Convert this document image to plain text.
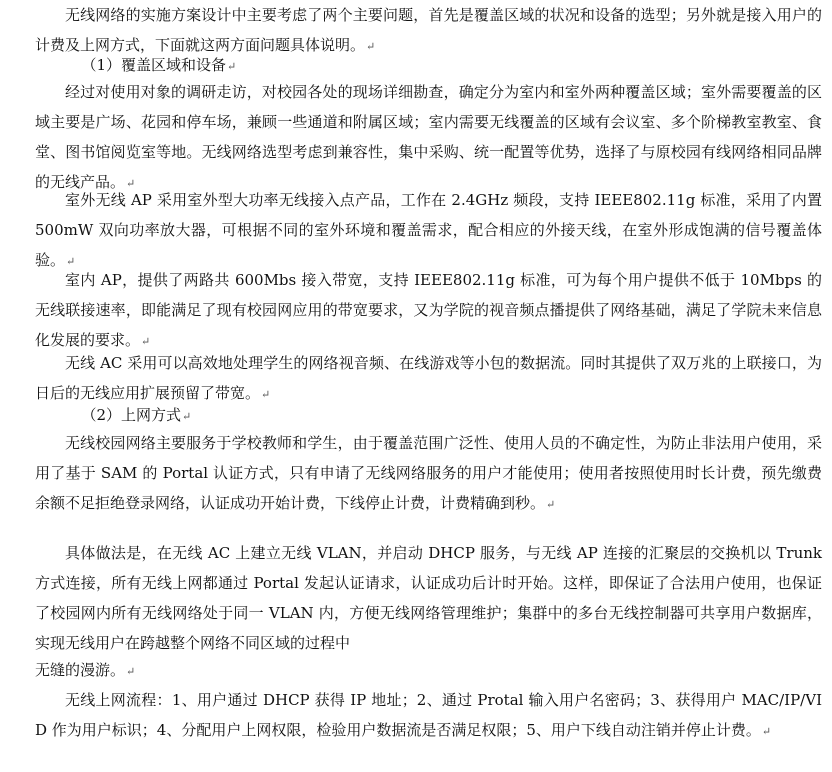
无线网络的实施方案设计中主要考虑了两个主要问题，首先是覆盖区域的状况和设备的选型；另外就是接入用户的计费及上网方式，下面就这两方面问题具体说明。↵

（1）覆盖区域和设备↵

经过对使用对象的调研走访，对校园各处的现场详细勘查，确定分为室内和室外两种覆盖区域；室外需要覆盖的区域主要是广场、花园和停车场，兼顾一些通道和附属区域；室内需要无线覆盖的区域有会议室、多个阶梯教室教室、食堂、图书馆阅览室等地。无线网络选型考虑到兼容性，集中采购、统一配置等优势，选择了与原校园有线网络相同品牌的无线产品。↵

室外无线 AP 采用室外型大功率无线接入点产品，工作在 2.4GHz 频段，支持 IEEE802.11g 标准，采用了内置 500mW 双向功率放大器，可根据不同的室外环境和覆盖需求，配合相应的外接天线，在室外形成饱满的信号覆盖体验。↵

室内 AP，提供了两路共 600Mbs 接入带宽，支持 IEEE802.11g 标准，可为每个用户提供不低于 10Mbps 的无线联接速率，即能满足了现有校园网应用的带宽要求，又为学院的视音频点播提供了网络基础，满足了学院未来信息化发展的要求。↵

无线 AC 采用可以高效地处理学生的网络视音频、在线游戏等小包的数据流。同时其提供了双万兆的上联接口，为日后的无线应用扩展预留了带宽。↵

（2）上网方式↵

无线校园网络主要服务于学校教师和学生，由于覆盖范围广泛性、使用人员的不确定性，为防止非法用户使用，采用了基于 SAM 的 Portal 认证方式，只有申请了无线网络服务的用户才能使用；使用者按照使用时长计费，预先缴费余额不足拒绝登录网络，认证成功开始计费，下线停止计费，计费精确到秒。↵

具体做法是，在无线 AC 上建立无线 VLAN，并启动 DHCP 服务，与无线 AP 连接的汇聚层的交换机以 Trunk 方式连接，所有无线上网都通过 Portal 发起认证请求，认证成功后计时开始。这样，即保证了合法用户使用，也保证了校园网内所有无线网络处于同一 VLAN 内，方便无线网络管理维护；集群中的多台无线控制器可共享用户数据库，实现无线用户在跨越整个网络不同区域的过程中

无缝的漫游。↵

无线上网流程：1、用户通过 DHCP 获得 IP 地址；2、通过 Protal 输入用户名密码；3、获得用户 MAC/IP/VID 作为用户标识；4、分配用户上网权限，检验用户数据流是否满足权限；5、用户下线自动注销并停止计费。↵
